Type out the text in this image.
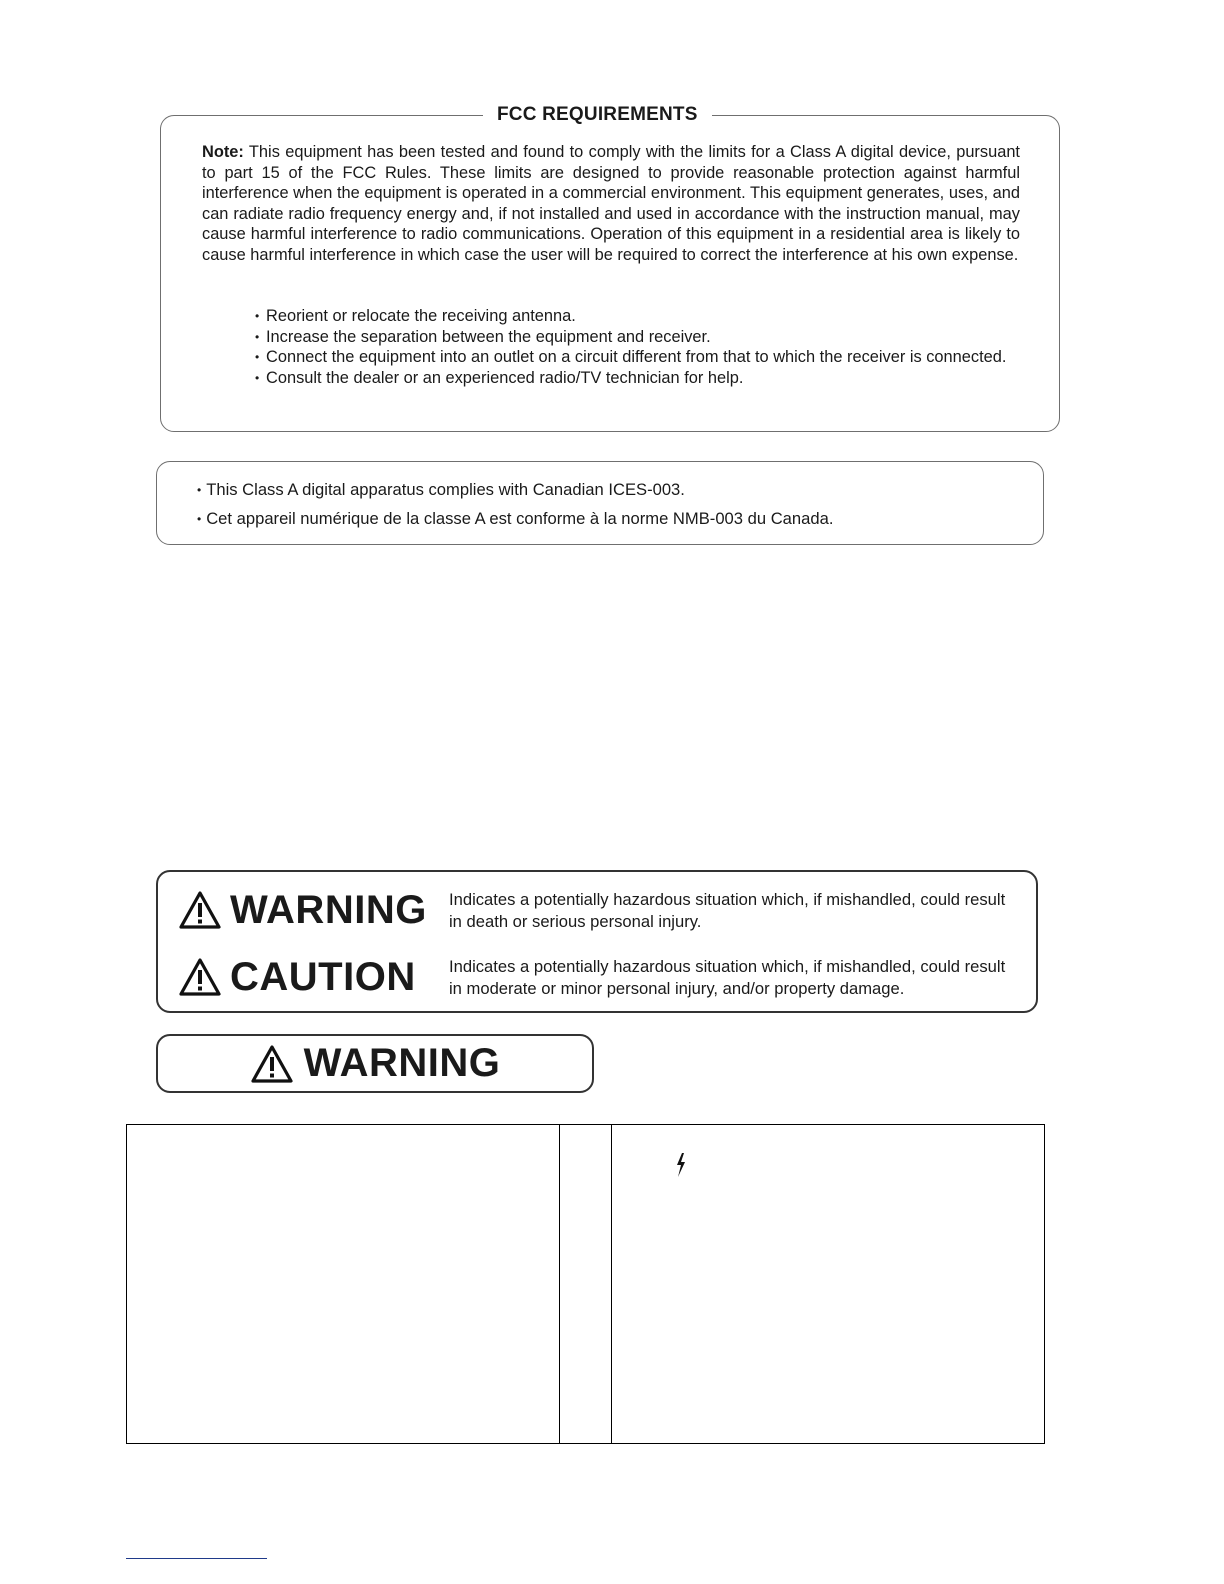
FCC REQUIREMENTS

Note: This equipment has been tested and found to comply with the limits for a Class A digital device, pursuant to part 15 of the FCC Rules. These limits are designed to provide reasonable protection against harmful interference when the equipment is operated in a commercial environment. This equipment generates, uses, and can radiate radio frequency energy and, if not installed and used in accordance with the instruction manual, may cause harmful interference to radio communications. Operation of this equipment in a residential area is likely to cause harmful interference in which case the user will be required to correct the interference at his own expense.

• Reorient or relocate the receiving antenna.
• Increase the separation between the equipment and receiver.
• Connect the equipment into an outlet on a circuit different from that to which the receiver is connected.
• Consult the dealer or an experienced radio/TV technician for help.
• This Class A digital apparatus complies with Canadian ICES-003.
• Cet appareil numérique de la classe A est conforme à la norme NMB-003 du Canada.
WARNING Indicates a potentially hazardous situation which, if mishandled, could result in death or serious personal injury.
CAUTION Indicates a potentially hazardous situation which, if mishandled, could result in moderate or minor personal injury, and/or property damage.
WARNING
